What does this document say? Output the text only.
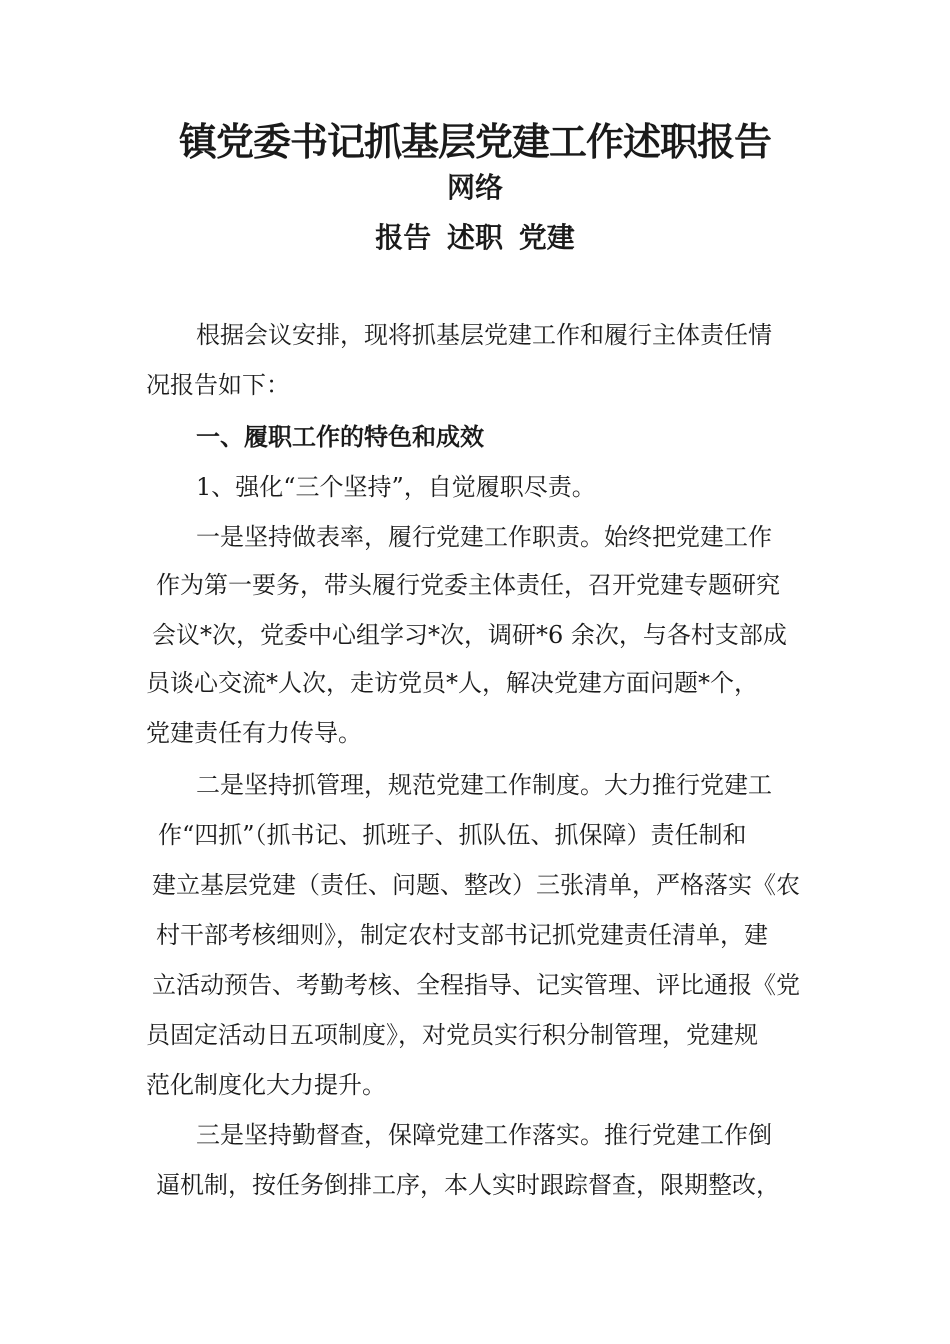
镇党委书记抓基层党建工作述职报告
网络
报告 述职 党建
根据会议安排，现将抓基层党建工作和履行主体责任情
况报告如下：
一、履职工作的特色和成效
1、强化“三个坚持”，自觉履职尽责。
一是坚持做表率，履行党建工作职责。始终把党建工作
作为第一要务，带头履行党委主体责任，召开党建专题研究
会议*次，党委中心组学习*次，调研*6 余次，与各村支部成
员谈心交流*人次，走访党员*人，解决党建方面问题*个，
党建责任有力传导。
二是坚持抓管理，规范党建工作制度。大力推行党建工
作“四抓”（抓书记、抓班子、抓队伍、抓保障）责任制和
建立基层党建（责任、问题、整改）三张清单，严格落实《农
村干部考核细则》，制定农村支部书记抓党建责任清单，建
立活动预告、考勤考核、全程指导、记实管理、评比通报《党
员固定活动日五项制度》，对党员实行积分制管理，党建规
范化制度化大力提升。
三是坚持勤督查，保障党建工作落实。推行党建工作倒
逼机制，按任务倒排工序，本人实时跟踪督查，限期整改，
